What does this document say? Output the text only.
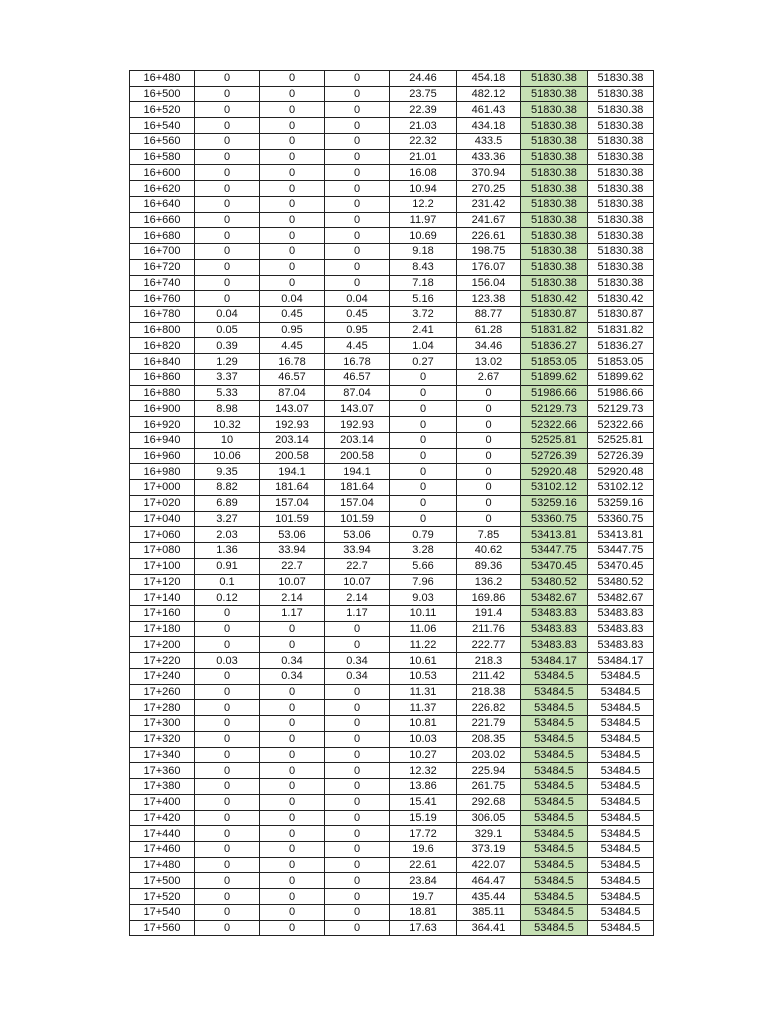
16+480	0	0	0	24.46	454.18	51830.38	51830.38
16+500	0	0	0	23.75	482.12	51830.38	51830.38
16+520	0	0	0	22.39	461.43	51830.38	51830.38
16+540	0	0	0	21.03	434.18	51830.38	51830.38
16+560	0	0	0	22.32	433.5	51830.38	51830.38
16+580	0	0	0	21.01	433.36	51830.38	51830.38
16+600	0	0	0	16.08	370.94	51830.38	51830.38
16+620	0	0	0	10.94	270.25	51830.38	51830.38
16+640	0	0	0	12.2	231.42	51830.38	51830.38
16+660	0	0	0	11.97	241.67	51830.38	51830.38
16+680	0	0	0	10.69	226.61	51830.38	51830.38
16+700	0	0	0	9.18	198.75	51830.38	51830.38
16+720	0	0	0	8.43	176.07	51830.38	51830.38
16+740	0	0	0	7.18	156.04	51830.38	51830.38
16+760	0	0.04	0.04	5.16	123.38	51830.42	51830.42
16+780	0.04	0.45	0.45	3.72	88.77	51830.87	51830.87
16+800	0.05	0.95	0.95	2.41	61.28	51831.82	51831.82
16+820	0.39	4.45	4.45	1.04	34.46	51836.27	51836.27
16+840	1.29	16.78	16.78	0.27	13.02	51853.05	51853.05
16+860	3.37	46.57	46.57	0	2.67	51899.62	51899.62
16+880	5.33	87.04	87.04	0	0	51986.66	51986.66
16+900	8.98	143.07	143.07	0	0	52129.73	52129.73
16+920	10.32	192.93	192.93	0	0	52322.66	52322.66
16+940	10	203.14	203.14	0	0	52525.81	52525.81
16+960	10.06	200.58	200.58	0	0	52726.39	52726.39
16+980	9.35	194.1	194.1	0	0	52920.48	52920.48
17+000	8.82	181.64	181.64	0	0	53102.12	53102.12
17+020	6.89	157.04	157.04	0	0	53259.16	53259.16
17+040	3.27	101.59	101.59	0	0	53360.75	53360.75
17+060	2.03	53.06	53.06	0.79	7.85	53413.81	53413.81
17+080	1.36	33.94	33.94	3.28	40.62	53447.75	53447.75
17+100	0.91	22.7	22.7	5.66	89.36	53470.45	53470.45
17+120	0.1	10.07	10.07	7.96	136.2	53480.52	53480.52
17+140	0.12	2.14	2.14	9.03	169.86	53482.67	53482.67
17+160	0	1.17	1.17	10.11	191.4	53483.83	53483.83
17+180	0	0	0	11.06	211.76	53483.83	53483.83
17+200	0	0	0	11.22	222.77	53483.83	53483.83
17+220	0.03	0.34	0.34	10.61	218.3	53484.17	53484.17
17+240	0	0.34	0.34	10.53	211.42	53484.5	53484.5
17+260	0	0	0	11.31	218.38	53484.5	53484.5
17+280	0	0	0	11.37	226.82	53484.5	53484.5
17+300	0	0	0	10.81	221.79	53484.5	53484.5
17+320	0	0	0	10.03	208.35	53484.5	53484.5
17+340	0	0	0	10.27	203.02	53484.5	53484.5
17+360	0	0	0	12.32	225.94	53484.5	53484.5
17+380	0	0	0	13.86	261.75	53484.5	53484.5
17+400	0	0	0	15.41	292.68	53484.5	53484.5
17+420	0	0	0	15.19	306.05	53484.5	53484.5
17+440	0	0	0	17.72	329.1	53484.5	53484.5
17+460	0	0	0	19.6	373.19	53484.5	53484.5
17+480	0	0	0	22.61	422.07	53484.5	53484.5
17+500	0	0	0	23.84	464.47	53484.5	53484.5
17+520	0	0	0	19.7	435.44	53484.5	53484.5
17+540	0	0	0	18.81	385.11	53484.5	53484.5
17+560	0	0	0	17.63	364.41	53484.5	53484.5
